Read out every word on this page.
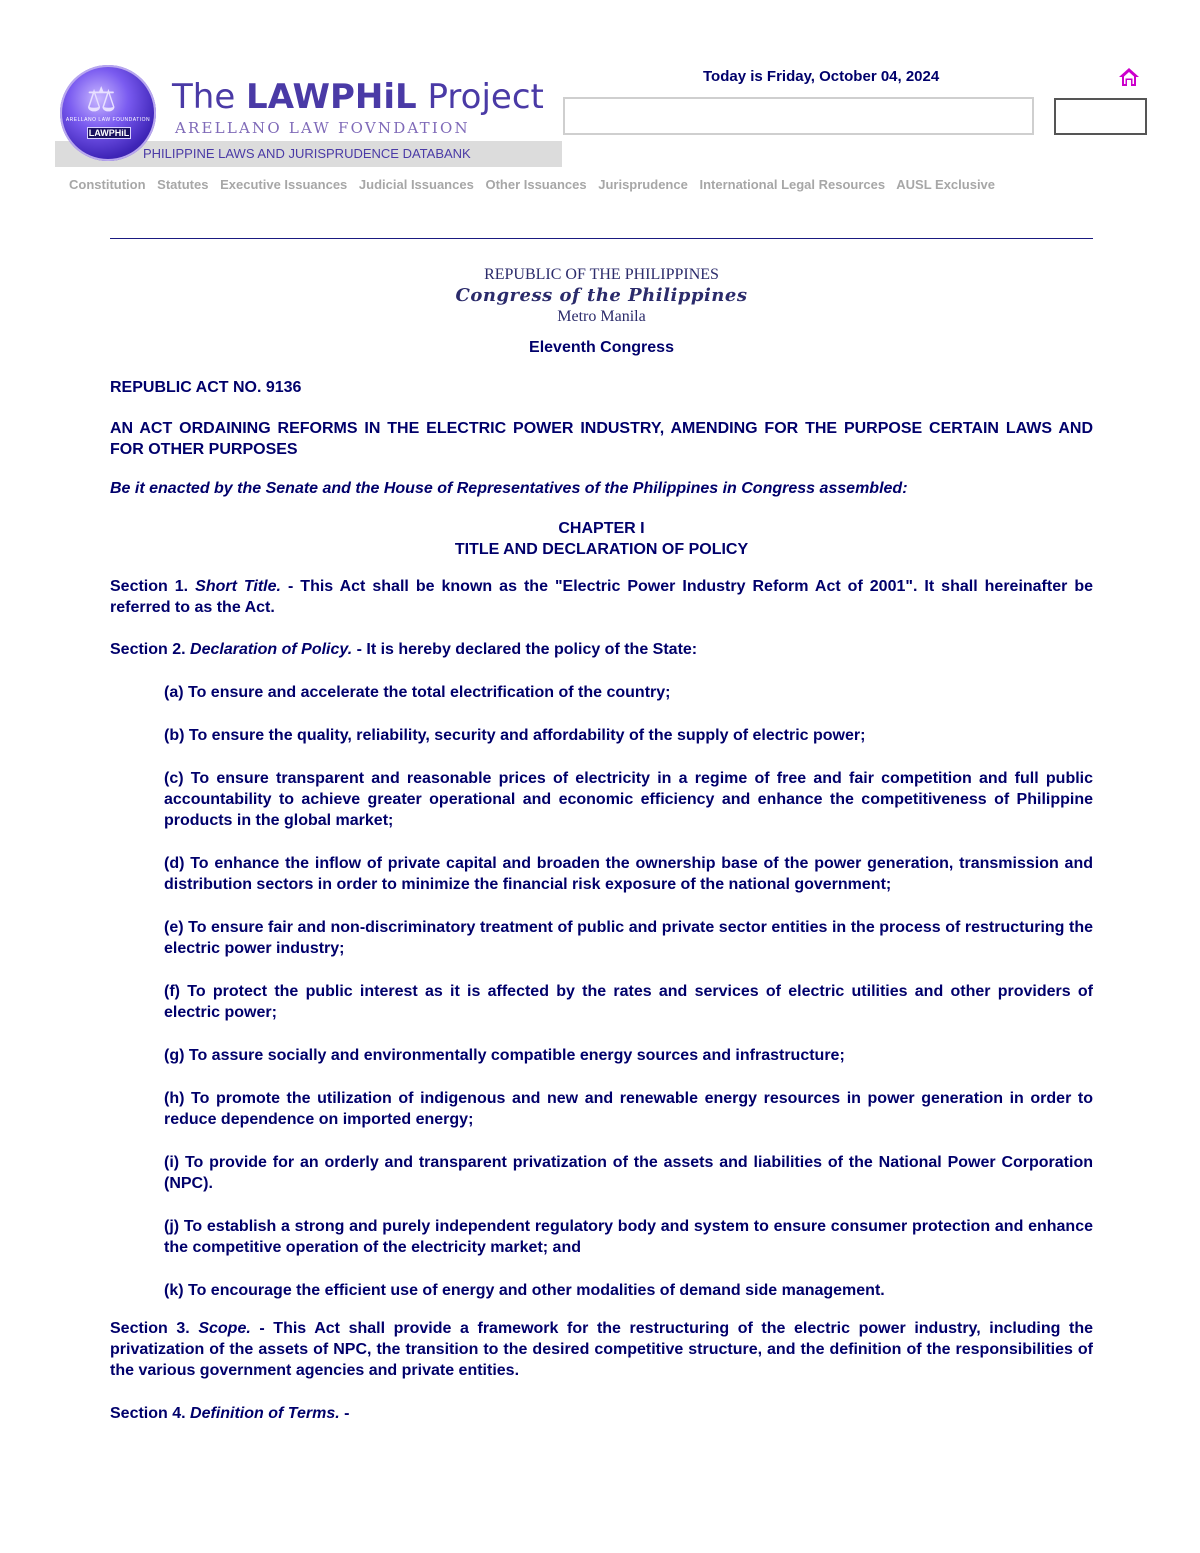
PHILIPPINE LAWS AND JURISPRUDENCE DATABANK
⚖
ARELLANO LAW FOUNDATION
LAWPHiL
The LAWPHiL Project
ARELLANO LAW FOVNDATION
Today is Friday, October 04, 2024
Constitution Statutes Executive Issuances Judicial Issuances Other Issuances Jurisprudence International Legal Resources AUSL Exclusive
REPUBLIC OF THE PHILIPPINES
Congress of the Philippines
Metro Manila
Eleventh Congress
REPUBLIC ACT NO. 9136
AN ACT ORDAINING REFORMS IN THE ELECTRIC POWER INDUSTRY, AMENDING FOR THE PURPOSE CERTAIN LAWS AND FOR OTHER PURPOSES
Be it enacted by the Senate and the House of Representatives of the Philippines in Congress assembled:
CHAPTER I
TITLE AND DECLARATION OF POLICY
Section 1. Short Title. - This Act shall be known as the "Electric Power Industry Reform Act of 2001". It shall hereinafter be referred to as the Act.
Section 2. Declaration of Policy. - It is hereby declared the policy of the State:
(a) To ensure and accelerate the total electrification of the country;
(b) To ensure the quality, reliability, security and affordability of the supply of electric power;
(c) To ensure transparent and reasonable prices of electricity in a regime of free and fair competition and full public accountability to achieve greater operational and economic efficiency and enhance the competitiveness of Philippine products in the global market;
(d) To enhance the inflow of private capital and broaden the ownership base of the power generation, transmission and distribution sectors in order to minimize the financial risk exposure of the national government;
(e) To ensure fair and non-discriminatory treatment of public and private sector entities in the process of restructuring the electric power industry;
(f) To protect the public interest as it is affected by the rates and services of electric utilities and other providers of electric power;
(g) To assure socially and environmentally compatible energy sources and infrastructure;
(h) To promote the utilization of indigenous and new and renewable energy resources in power generation in order to reduce dependence on imported energy;
(i) To provide for an orderly and transparent privatization of the assets and liabilities of the National Power Corporation (NPC).
(j) To establish a strong and purely independent regulatory body and system to ensure consumer protection and enhance the competitive operation of the electricity market; and
(k) To encourage the efficient use of energy and other modalities of demand side management.
Section 3. Scope. - This Act shall provide a framework for the restructuring of the electric power industry, including the privatization of the assets of NPC, the transition to the desired competitive structure, and the definition of the responsibilities of the various government agencies and private entities.
Section 4. Definition of Terms. -
